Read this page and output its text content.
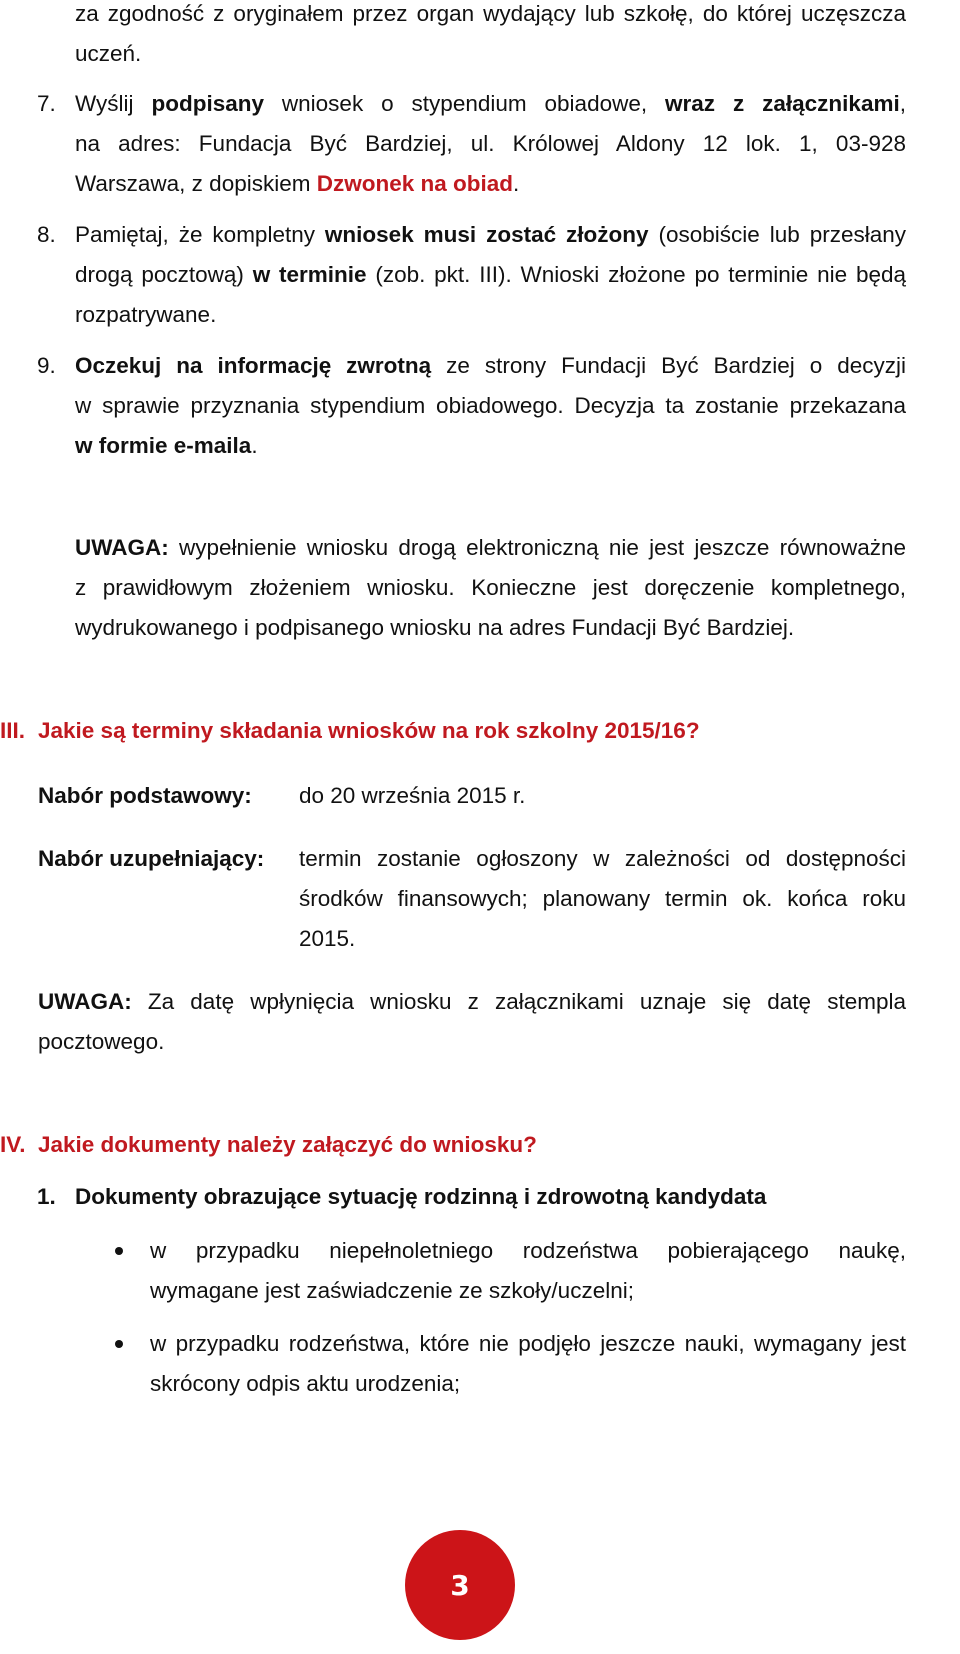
za zgodność z oryginałem przez organ wydający lub szkołę, do której uczęszcza
uczeń.
7. Wyślij podpisany wniosek o stypendium obiadowe, wraz z załącznikami,
na adres: Fundacja Być Bardziej, ul. Królowej Aldony 12 lok. 1, 03-928
Warszawa, z dopiskiem Dzwonek na obiad.
8. Pamiętaj, że kompletny wniosek musi zostać złożony (osobiście lub przesłany
drogą pocztową) w terminie (zob. pkt. III). Wnioski złożone po terminie nie będą
rozpatrywane.
9. Oczekuj na informację zwrotną ze strony Fundacji Być Bardziej o decyzji
w sprawie przyznania stypendium obiadowego. Decyzja ta zostanie przekazana
w formie e-maila.
UWAGA: wypełnienie wniosku drogą elektroniczną nie jest jeszcze równoważne
z prawidłowym złożeniem wniosku. Konieczne jest doręczenie kompletnego,
wydrukowanego i podpisanego wniosku na adres Fundacji Być Bardziej.
III. Jakie są terminy składania wniosków na rok szkolny 2015/16?
Nabór podstawowy: do 20 września 2015 r.
Nabór uzupełniający: termin zostanie ogłoszony w zależności od dostępności
środków finansowych; planowany termin ok. końca roku
2015.
UWAGA: Za datę wpłynięcia wniosku z załącznikami uznaje się datę stempla
pocztowego.
IV. Jakie dokumenty należy załączyć do wniosku?
1. Dokumenty obrazujące sytuację rodzinną i zdrowotną kandydata
w przypadku niepełnoletniego rodzeństwa pobierającego naukę,
wymagane jest zaświadczenie ze szkoły/uczelni;
w przypadku rodzeństwa, które nie podjęło jeszcze nauki, wymagany jest
skrócony odpis aktu urodzenia;
3
